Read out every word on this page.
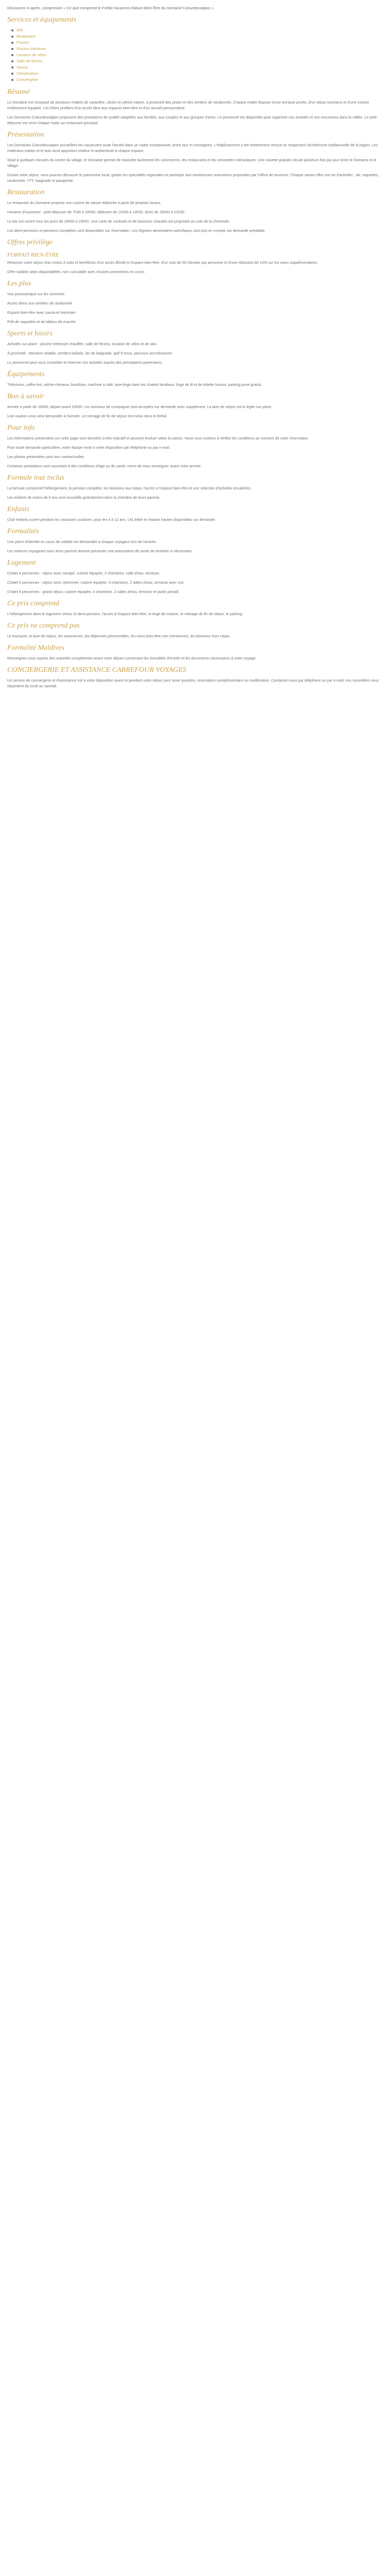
Découvrez ci-après, comprenant « Ce que comprend le Forfait Vacances-Nature-Bien-Être du Domaine Coeurdessalpes »

Services et équipements
Wifi
Restaurant
Piscine
Piscine intérieure
Location de vélos
Salle de fitness
Sauna
Climatisation
Conciergerie
Résumé

Le Domaine est composé de plusieurs chalets de caractère, situés en pleine nature, à proximité des pistes et des sentiers de randonnée. Chaque chalet dispose d'une terrasse privée, d'un séjour lumineux et d'une cuisine entièrement équipée. Les hôtes profitent d'un accès libre aux espaces bien-être et d'un accueil personnalisé.

Les Domaines Coeurdessalpes proposent des prestations de qualité adaptées aux familles, aux couples et aux groupes d'amis. Le personnel est disponible pour organiser vos activités et vos excursions dans la vallée. Le petit-déjeuner est servi chaque matin au restaurant principal.

Présentation

Les Domaines Coeurdessalpes accueillent les vacanciers toute l'année dans un cadre exceptionnel, entre lacs et montagnes. L'établissement a été entièrement rénové en respectant l'architecture traditionnelle de la région. Les matériaux nobles et le bois local apportent chaleur et authenticité à chaque espace.

Situé à quelques minutes du centre du village, le Domaine permet de rejoindre facilement les commerces, les restaurants et les remontées mécaniques. Une navette gratuite circule plusieurs fois par jour entre le Domaine et le village.

Durant votre séjour, vous pourrez découvrir le patrimoine local, goûter les spécialités régionales et participer aux nombreuses animations proposées par l'office de tourisme. Chaque saison offre son lot d'activités : ski, raquettes, randonnée, VTT, baignade et parapente.

Restauration

Le restaurant du Domaine propose une cuisine de saison élaborée à partir de produits locaux.

Horaires d'ouverture : petit-déjeuner de 7h30 à 10h00, déjeuner de 12h00 à 14h00, dîner de 19h00 à 21h30.

Le bar est ouvert tous les jours de 16h00 à 23h00. Une carte de cocktails et de boissons chaudes est proposée au coin de la cheminée.

Les demi-pensions et pensions complètes sont disponibles sur réservation. Les régimes alimentaires spécifiques sont pris en compte sur demande préalable.

Offres privilège
FORFAIT BIEN-ÊTRE

Réservez votre séjour d'au moins 3 nuits et bénéficiez d'un accès illimité à l'espace bien-être, d'un soin de 50 minutes par personne et d'une réduction de 10% sur les soins supplémentaires.

Offre valable selon disponibilités, non cumulable avec d'autres promotions en cours.

Les plus

Vue panoramique sur les sommets

Accès direct aux sentiers de randonnée

Espace bien-être avec sauna et hammam

Prêt de raquettes et de bâtons de marche

Sports et loisirs

Activités sur place : piscine intérieure chauffée, salle de fitness, location de vélos et de skis.

À proximité : domaine skiable, sentiers balisés, lac de baignade, golf 9 trous, parcours accrobranche.

Le personnel peut vous conseiller et réserver vos activités auprès des prestataires partenaires.

Équipements

Télévision, coffre-fort, sèche-cheveux, bouilloire, machine à café, lave-linge dans les chalets familiaux, linge de lit et de toilette fournis, parking privé gratuit.

Bon à savoir

Arrivée à partir de 16h00, départ avant 10h00. Les animaux de compagnie sont acceptés sur demande avec supplément. La taxe de séjour est à régler sur place.

Une caution vous sera demandée à l'arrivée. Le ménage de fin de séjour est inclus dans le forfait.

Pour info

Les informations présentées sur cette page sont données à titre indicatif et peuvent évoluer selon la saison. Nous vous invitons à vérifier les conditions au moment de votre réservation.

Pour toute demande particulière, notre équipe reste à votre disposition par téléphone ou par e-mail.

Les photos présentées sont non contractuelles.

Certaines prestations sont soumises à des conditions d'âge ou de santé, merci de vous renseigner avant votre arrivée.

Formule tout inclus

La formule comprend l'hébergement, la pension complète, les boissons aux repas, l'accès à l'espace bien-être et une sélection d'activités encadrées.

Les enfants de moins de 6 ans sont accueillis gratuitement dans la chambre de leurs parents.

Enfants

Club enfants ouvert pendant les vacances scolaires, pour les 4 à 12 ans. Lits bébé et chaises hautes disponibles sur demande.

Formalités

Une pièce d'identité en cours de validité est demandée à chaque voyageur lors de l'arrivée.

Les mineurs voyageant sans leurs parents doivent présenter une autorisation de sortie de territoire si nécessaire.

Logement

Chalet 4 personnes : séjour avec canapé, cuisine équipée, 2 chambres, salle d'eau, terrasse.

Chalet 6 personnes : séjour avec cheminée, cuisine équipée, 3 chambres, 2 salles d'eau, terrasse avec vue.

Chalet 8 personnes : grand séjour, cuisine équipée, 4 chambres, 3 salles d'eau, terrasse et jardin privatif.

Ce prix comprend

L'hébergement dans le logement choisi, la demi-pension, l'accès à l'espace bien-être, le linge de maison, le ménage de fin de séjour, le parking.

Ce prix ne comprend pas

Le transport, la taxe de séjour, les assurances, les dépenses personnelles, les soins bien-être non mentionnés, les boissons hors repas.

Formalité Maldives

Renseignez-vous auprès des autorités compétentes avant votre départ concernant les formalités d'entrée et les documents nécessaires à votre voyage.

CONCIERGERIE ET ASSISTANCE CARREFOUR VOYAGES

Un service de conciergerie et d'assistance est à votre disposition avant et pendant votre séjour pour toute question, réservation complémentaire ou modification. Contactez-nous par téléphone ou par e-mail, nos conseillers vous répondent du lundi au samedi.
